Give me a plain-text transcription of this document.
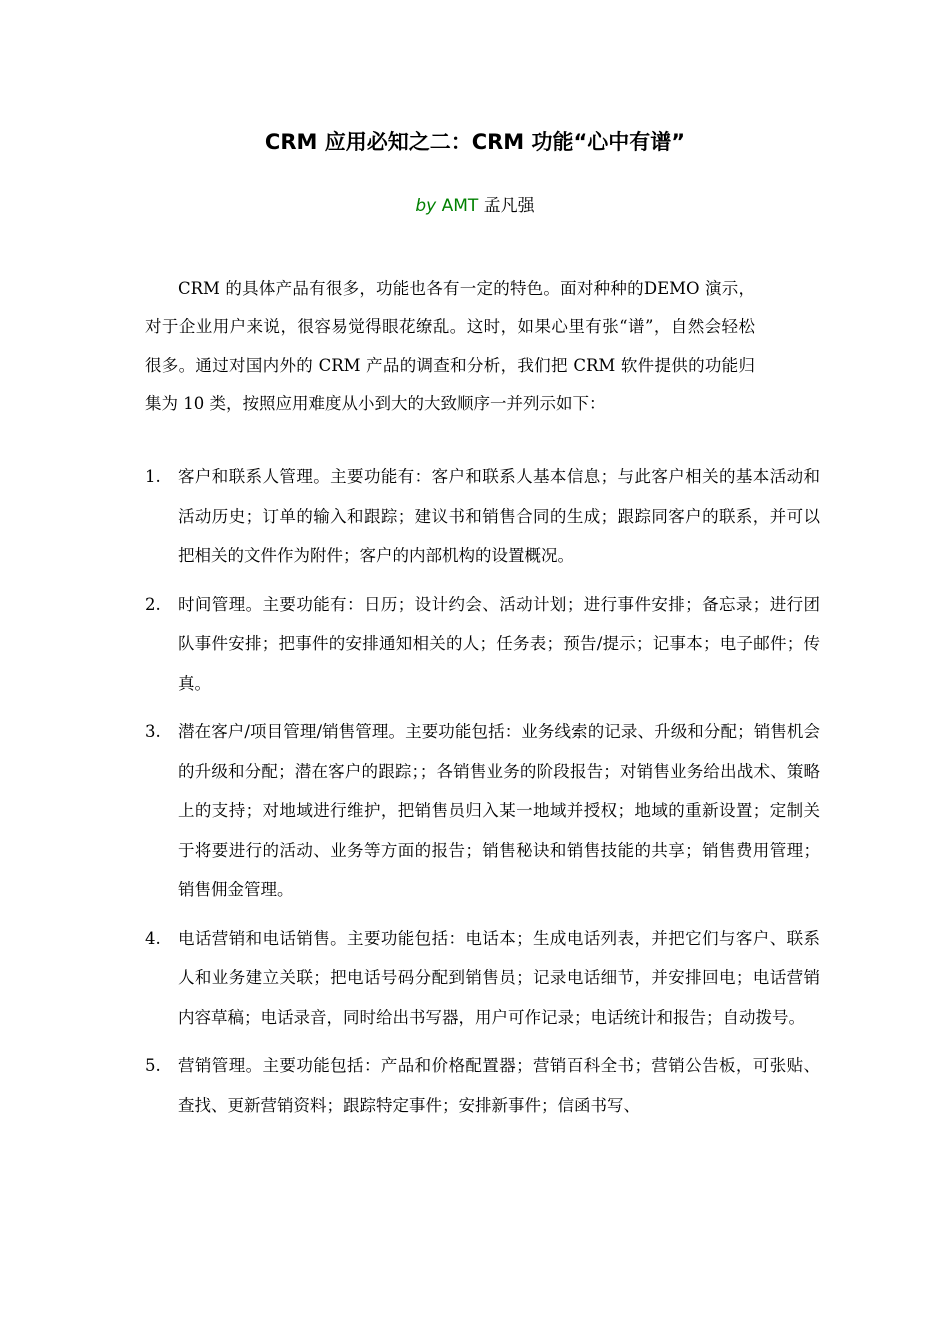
CRM 应用必知之二：CRM 功能“心中有谱”
by AMT 孟凡强

CRM 的具体产品有很多，功能也各有一定的特色。面对种种的DEMO 演示，对于企业用户来说，很容易觉得眼花缭乱。这时，如果心里有张“谱”，自然会轻松很多。通过对国内外的 CRM 产品的调查和分析，我们把 CRM 软件提供的功能归集为 10 类，按照应用难度从小到大的大致顺序一并列示如下：

1. 客户和联系人管理。主要功能有：客户和联系人基本信息；与此客户相关的基本活动和活动历史；订单的输入和跟踪；建议书和销售合同的生成；跟踪同客户的联系，并可以把相关的文件作为附件；客户的内部机构的设置概况。
2. 时间管理。主要功能有：日历；设计约会、活动计划；进行事件安排；备忘录；进行团队事件安排；把事件的安排通知相关的人；任务表；预告/提示；记事本；电子邮件；传真。
3. 潜在客户/项目管理/销售管理。主要功能包括：业务线索的记录、升级和分配；销售机会的升级和分配；潜在客户的跟踪；；各销售业务的阶段报告；对销售业务给出战术、策略上的支持；对地域进行维护，把销售员归入某一地域并授权；地域的重新设置；定制关于将要进行的活动、业务等方面的报告；销售秘诀和销售技能的共享；销售费用管理；销售佣金管理。
4. 电话营销和电话销售。主要功能包括：电话本；生成电话列表，并把它们与客户、联系人和业务建立关联；把电话号码分配到销售员；记录电话细节，并安排回电；电话营销内容草稿；电话录音，同时给出书写器，用户可作记录；电话统计和报告；自动拨号。
5. 营销管理。主要功能包括：产品和价格配置器；营销百科全书；营销公告板，可张贴、查找、更新营销资料；跟踪特定事件；安排新事件；信函书写、
